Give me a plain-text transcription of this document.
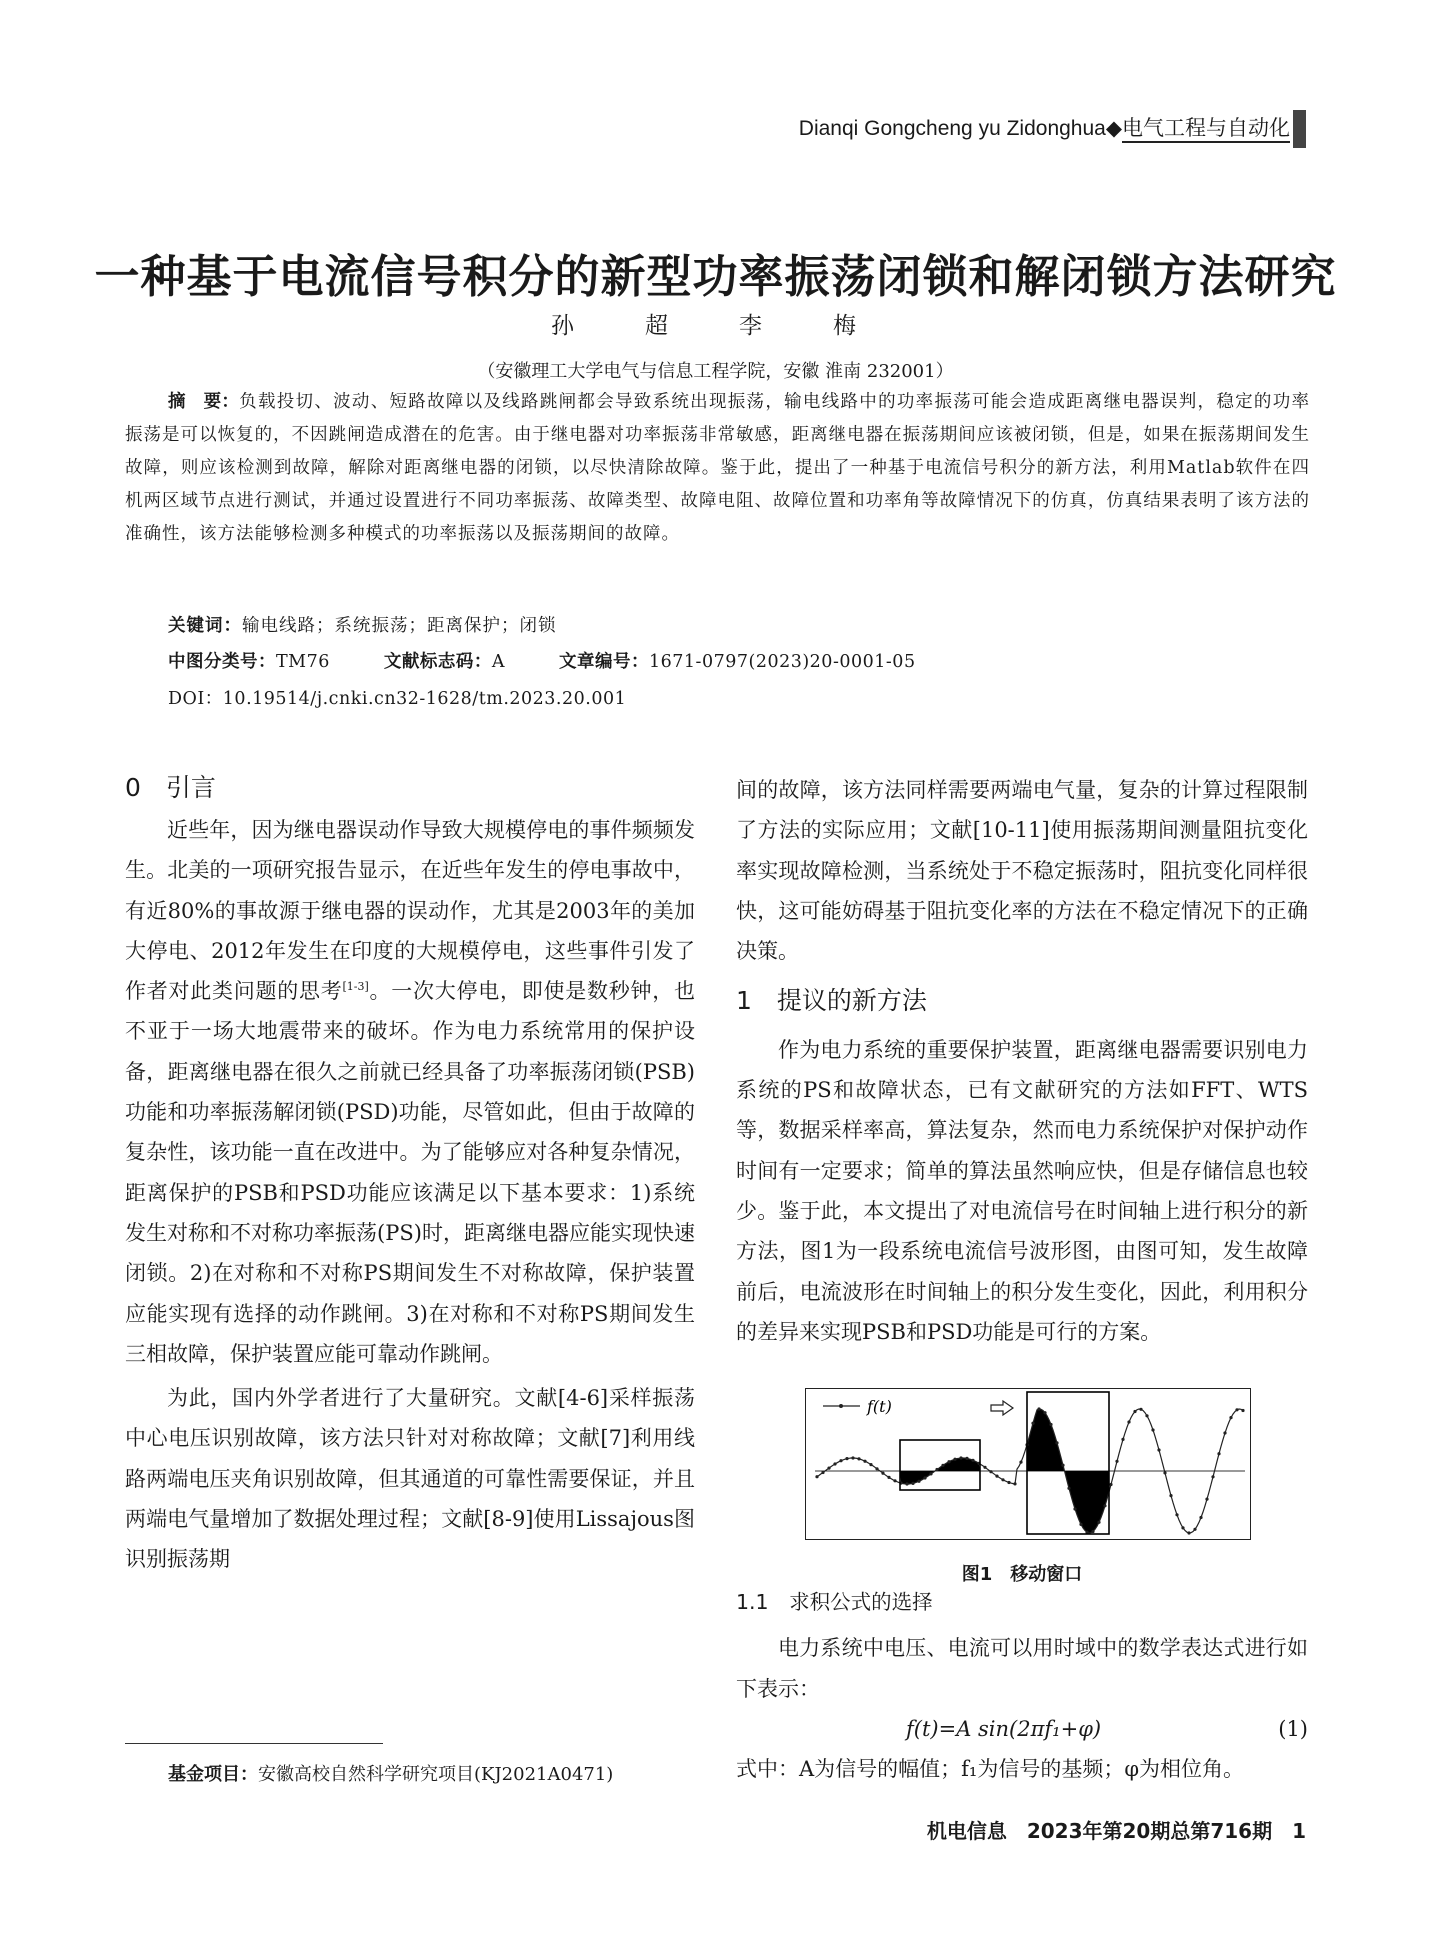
Dianqi Gongcheng yu Zidonghua◆电气工程与自动化
一种基于电流信号积分的新型功率振荡闭锁和解闭锁方法研究
孙　超　李　梅
（安徽理工大学电气与信息工程学院，安徽 淮南 232001）
摘　要：负载投切、波动、短路故障以及线路跳闸都会导致系统出现振荡，输电线路中的功率振荡可能会造成距离继电器误判，稳定的功率振荡是可以恢复的，不因跳闸造成潜在的危害。由于继电器对功率振荡非常敏感，距离继电器在振荡期间应该被闭锁，但是，如果在振荡期间发生故障，则应该检测到故障，解除对距离继电器的闭锁，以尽快清除故障。鉴于此，提出了一种基于电流信号积分的新方法，利用Matlab软件在四机两区域节点进行测试，并通过设置进行不同功率振荡、故障类型、故障电阻、故障位置和功率角等故障情况下的仿真，仿真结果表明了该方法的准确性，该方法能够检测多种模式的功率振荡以及振荡期间的故障。
关键词：输电线路；系统振荡；距离保护；闭锁
中图分类号：TM76	文献标志码：A	文章编号：1671-0797(2023)20-0001-05
DOI：10.19514/j.cnki.cn32-1628/tm.2023.20.001
0　引言

近些年，因为继电器误动作导致大规模停电的事件频频发生。北美的一项研究报告显示，在近些年发生的停电事故中，有近80%的事故源于继电器的误动作，尤其是2003年的美加大停电、2012年发生在印度的大规模停电，这些事件引发了作者对此类问题的思考[1-3]。一次大停电，即使是数秒钟，也不亚于一场大地震带来的破坏。作为电力系统常用的保护设备，距离继电器在很久之前就已经具备了功率振荡闭锁(PSB)功能和功率振荡解闭锁(PSD)功能，尽管如此，但由于故障的复杂性，该功能一直在改进中。为了能够应对各种复杂情况，距离保护的PSB和PSD功能应该满足以下基本要求：1)系统发生对称和不对称功率振荡(PS)时，距离继电器应能实现快速闭锁。2)在对称和不对称PS期间发生不对称故障，保护装置应能实现有选择的动作跳闸。3)在对称和不对称PS期间发生三相故障，保护装置应能可靠动作跳闸。

为此，国内外学者进行了大量研究。文献[4-6]采样振荡中心电压识别故障，该方法只针对对称故障；文献[7]利用线路两端电压夹角识别故障，但其通道的可靠性需要保证，并且两端电气量增加了数据处理过程；文献[8-9]使用Lissajous图识别振荡期

间的故障，该方法同样需要两端电气量，复杂的计算过程限制了方法的实际应用；文献[10-11]使用振荡期间测量阻抗变化率实现故障检测，当系统处于不稳定振荡时，阻抗变化同样很快，这可能妨碍基于阻抗变化率的方法在不稳定情况下的正确决策。

1　提议的新方法

作为电力系统的重要保护装置，距离继电器需要识别电力系统的PS和故障状态，已有文献研究的方法如FFT、WTS等，数据采样率高，算法复杂，然而电力系统保护对保护动作时间有一定要求；简单的算法虽然响应快，但是存储信息也较少。鉴于此，本文提出了对电流信号在时间轴上进行积分的新方法，图1为一段系统电流信号波形图，由图可知，发生故障前后，电流波形在时间轴上的积分发生变化，因此，利用积分的差异来实现PSB和PSD功能是可行的方案。

f(t)
图1　移动窗口
1.1　求积公式的选择

电力系统中电压、电流可以用时域中的数学表达式进行如下表示：

f(t)=A sin(2πf₁+φ)	(1)

式中：A为信号的幅值；f₁为信号的基频；φ为相位角。

基金项目：安徽高校自然科学研究项目(KJ2021A0471)
机电信息　2023年第20期总第716期　1
